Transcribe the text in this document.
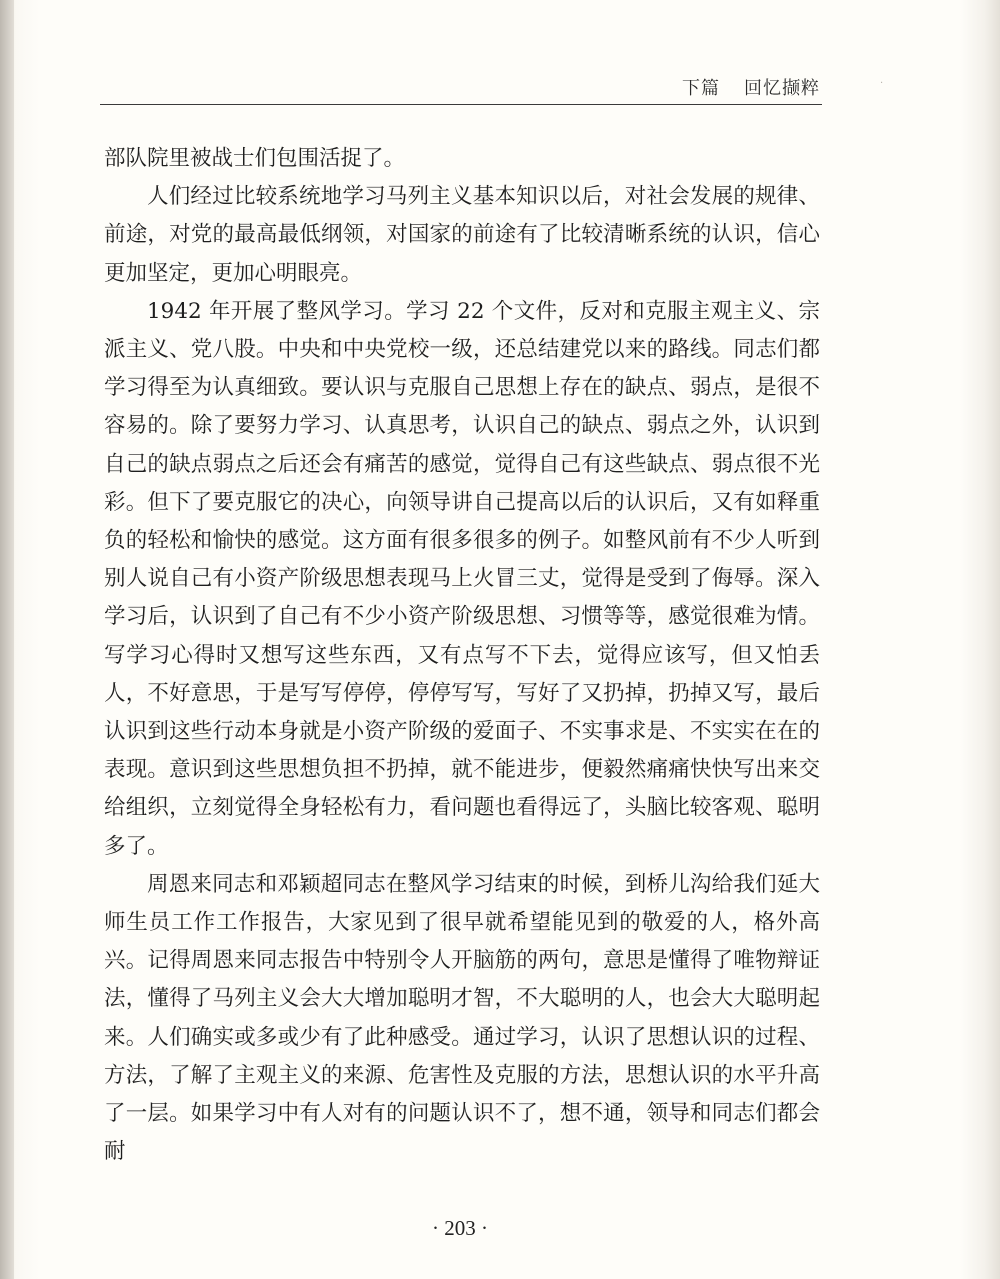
下篇 回忆撷粹	·

部队院里被战士们包围活捉了。

人们经过比较系统地学习马列主义基本知识以后，对社会发展的规律、前途，对党的最高最低纲领，对国家的前途有了比较清晰系统的认识，信心更加坚定，更加心明眼亮。

1942 年开展了整风学习。学习 22 个文件，反对和克服主观主义、宗派主义、党八股。中央和中央党校一级，还总结建党以来的路线。同志们都学习得至为认真细致。要认识与克服自己思想上存在的缺点、弱点，是很不容易的。除了要努力学习、认真思考，认识自己的缺点、弱点之外，认识到自己的缺点弱点之后还会有痛苦的感觉，觉得自己有这些缺点、弱点很不光彩。但下了要克服它的决心，向领导讲自己提高以后的认识后，又有如释重负的轻松和愉快的感觉。这方面有很多很多的例子。如整风前有不少人听到别人说自己有小资产阶级思想表现马上火冒三丈，觉得是受到了侮辱。深入学习后，认识到了自己有不少小资产阶级思想、习惯等等，感觉很难为情。写学习心得时又想写这些东西，又有点写不下去，觉得应该写，但又怕丢人，不好意思，于是写写停停，停停写写，写好了又扔掉，扔掉又写，最后认识到这些行动本身就是小资产阶级的爱面子、不实事求是、不实实在在的表现。意识到这些思想负担不扔掉，就不能进步，便毅然痛痛快快写出来交给组织，立刻觉得全身轻松有力，看问题也看得远了，头脑比较客观、聪明多了。

周恩来同志和邓颖超同志在整风学习结束的时候，到桥儿沟给我们延大师生员工作工作报告，大家见到了很早就希望能见到的敬爱的人，格外高兴。记得周恩来同志报告中特别令人开脑筋的两句，意思是懂得了唯物辩证法，懂得了马列主义会大大增加聪明才智，不大聪明的人，也会大大聪明起来。人们确实或多或少有了此种感受。通过学习，认识了思想认识的过程、方法，了解了主观主义的来源、危害性及克服的方法，思想认识的水平升高了一层。如果学习中有人对有的问题认识不了，想不通，领导和同志们都会耐

· 203 ·
